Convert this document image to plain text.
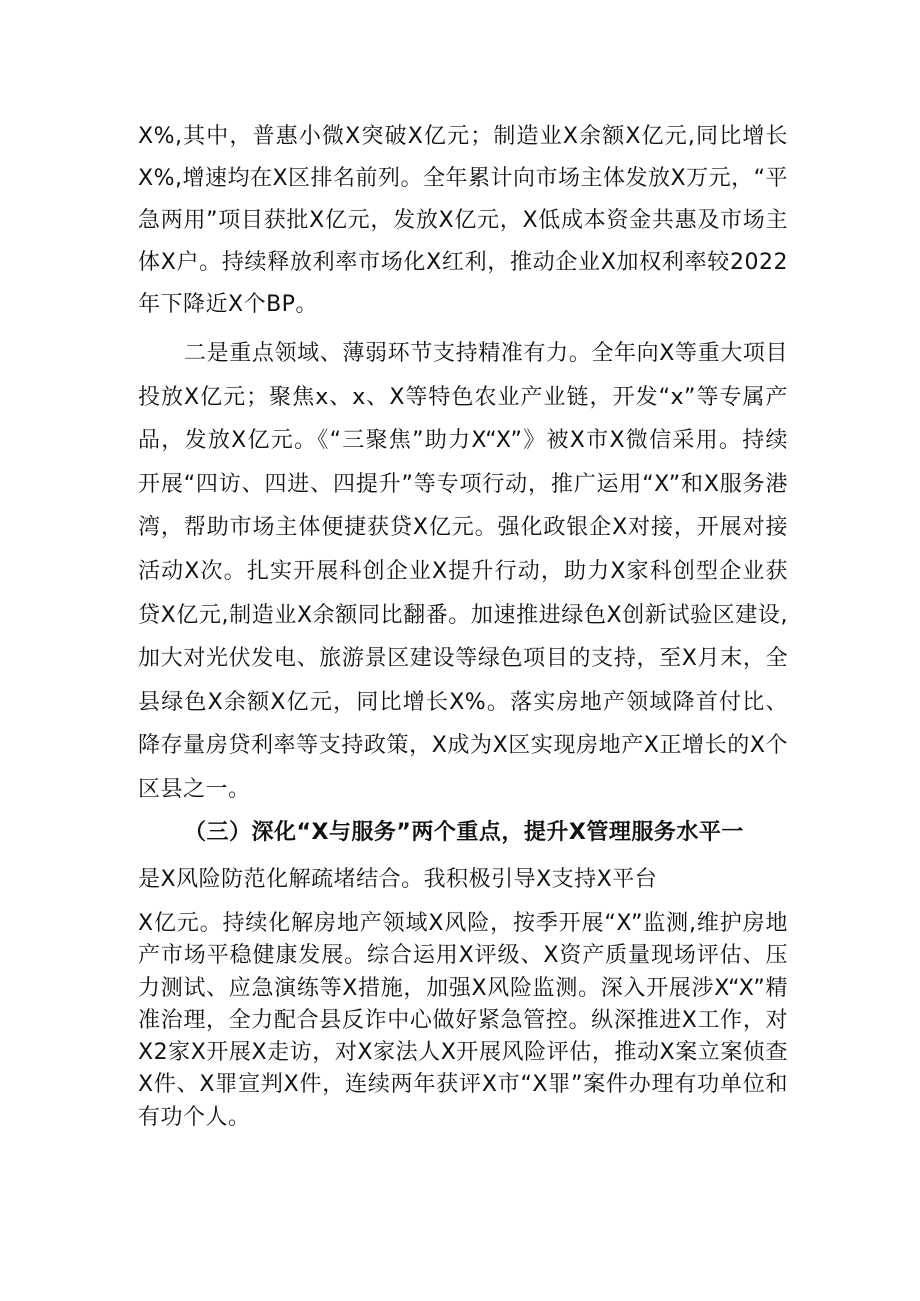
X%,其中，普惠小微X突破X亿元；制造业X余额X亿元,同比增长X%,增速均在X区排名前列。全年累计向市场主体发放X万元，“平急两用”项目获批X亿元，发放X亿元，X低成本资金共惠及市场主体X户。持续释放利率市场化X红利，推动企业X加权利率较2022年下降近X个BP。

二是重点领域、薄弱环节支持精准有力。全年向X等重大项目投放X亿元；聚焦x、x、X等特色农业产业链，开发“x”等专属产品，发放X亿元。《“三聚焦”助力X“X”》被X市X微信采用。持续开展“四访、四进、四提升”等专项行动，推广运用“X”和X服务港湾，帮助市场主体便捷获贷X亿元。强化政银企X对接，开展对接活动X次。扎实开展科创企业X提升行动，助力X家科创型企业获贷X亿元,制造业X余额同比翻番。加速推进绿色X创新试验区建设,加大对光伏发电、旅游景区建设等绿色项目的支持，至X月末，全县绿色X余额X亿元，同比增长X%。落实房地产领域降首付比、降存量房贷利率等支持政策，X成为X区实现房地产X正增长的X个区县之一。

（三）深化“X与服务”两个重点，提升X管理服务水平一

是X风险防范化解疏堵结合。我积极引导X支持X平台

X亿元。持续化解房地产领域X风险，按季开展“X”监测,维护房地产市场平稳健康发展。综合运用X评级、X资产质量现场评估、压力测试、应急演练等X措施，加强X风险监测。深入开展涉X“X”精准治理，全力配合县反诈中心做好紧急管控。纵深推进X工作，对X2家X开展X走访，对X家法人X开展风险评估，推动X案立案侦查X件、X罪宣判X件，连续两年获评X市“X罪”案件办理有功单位和有功个人。
